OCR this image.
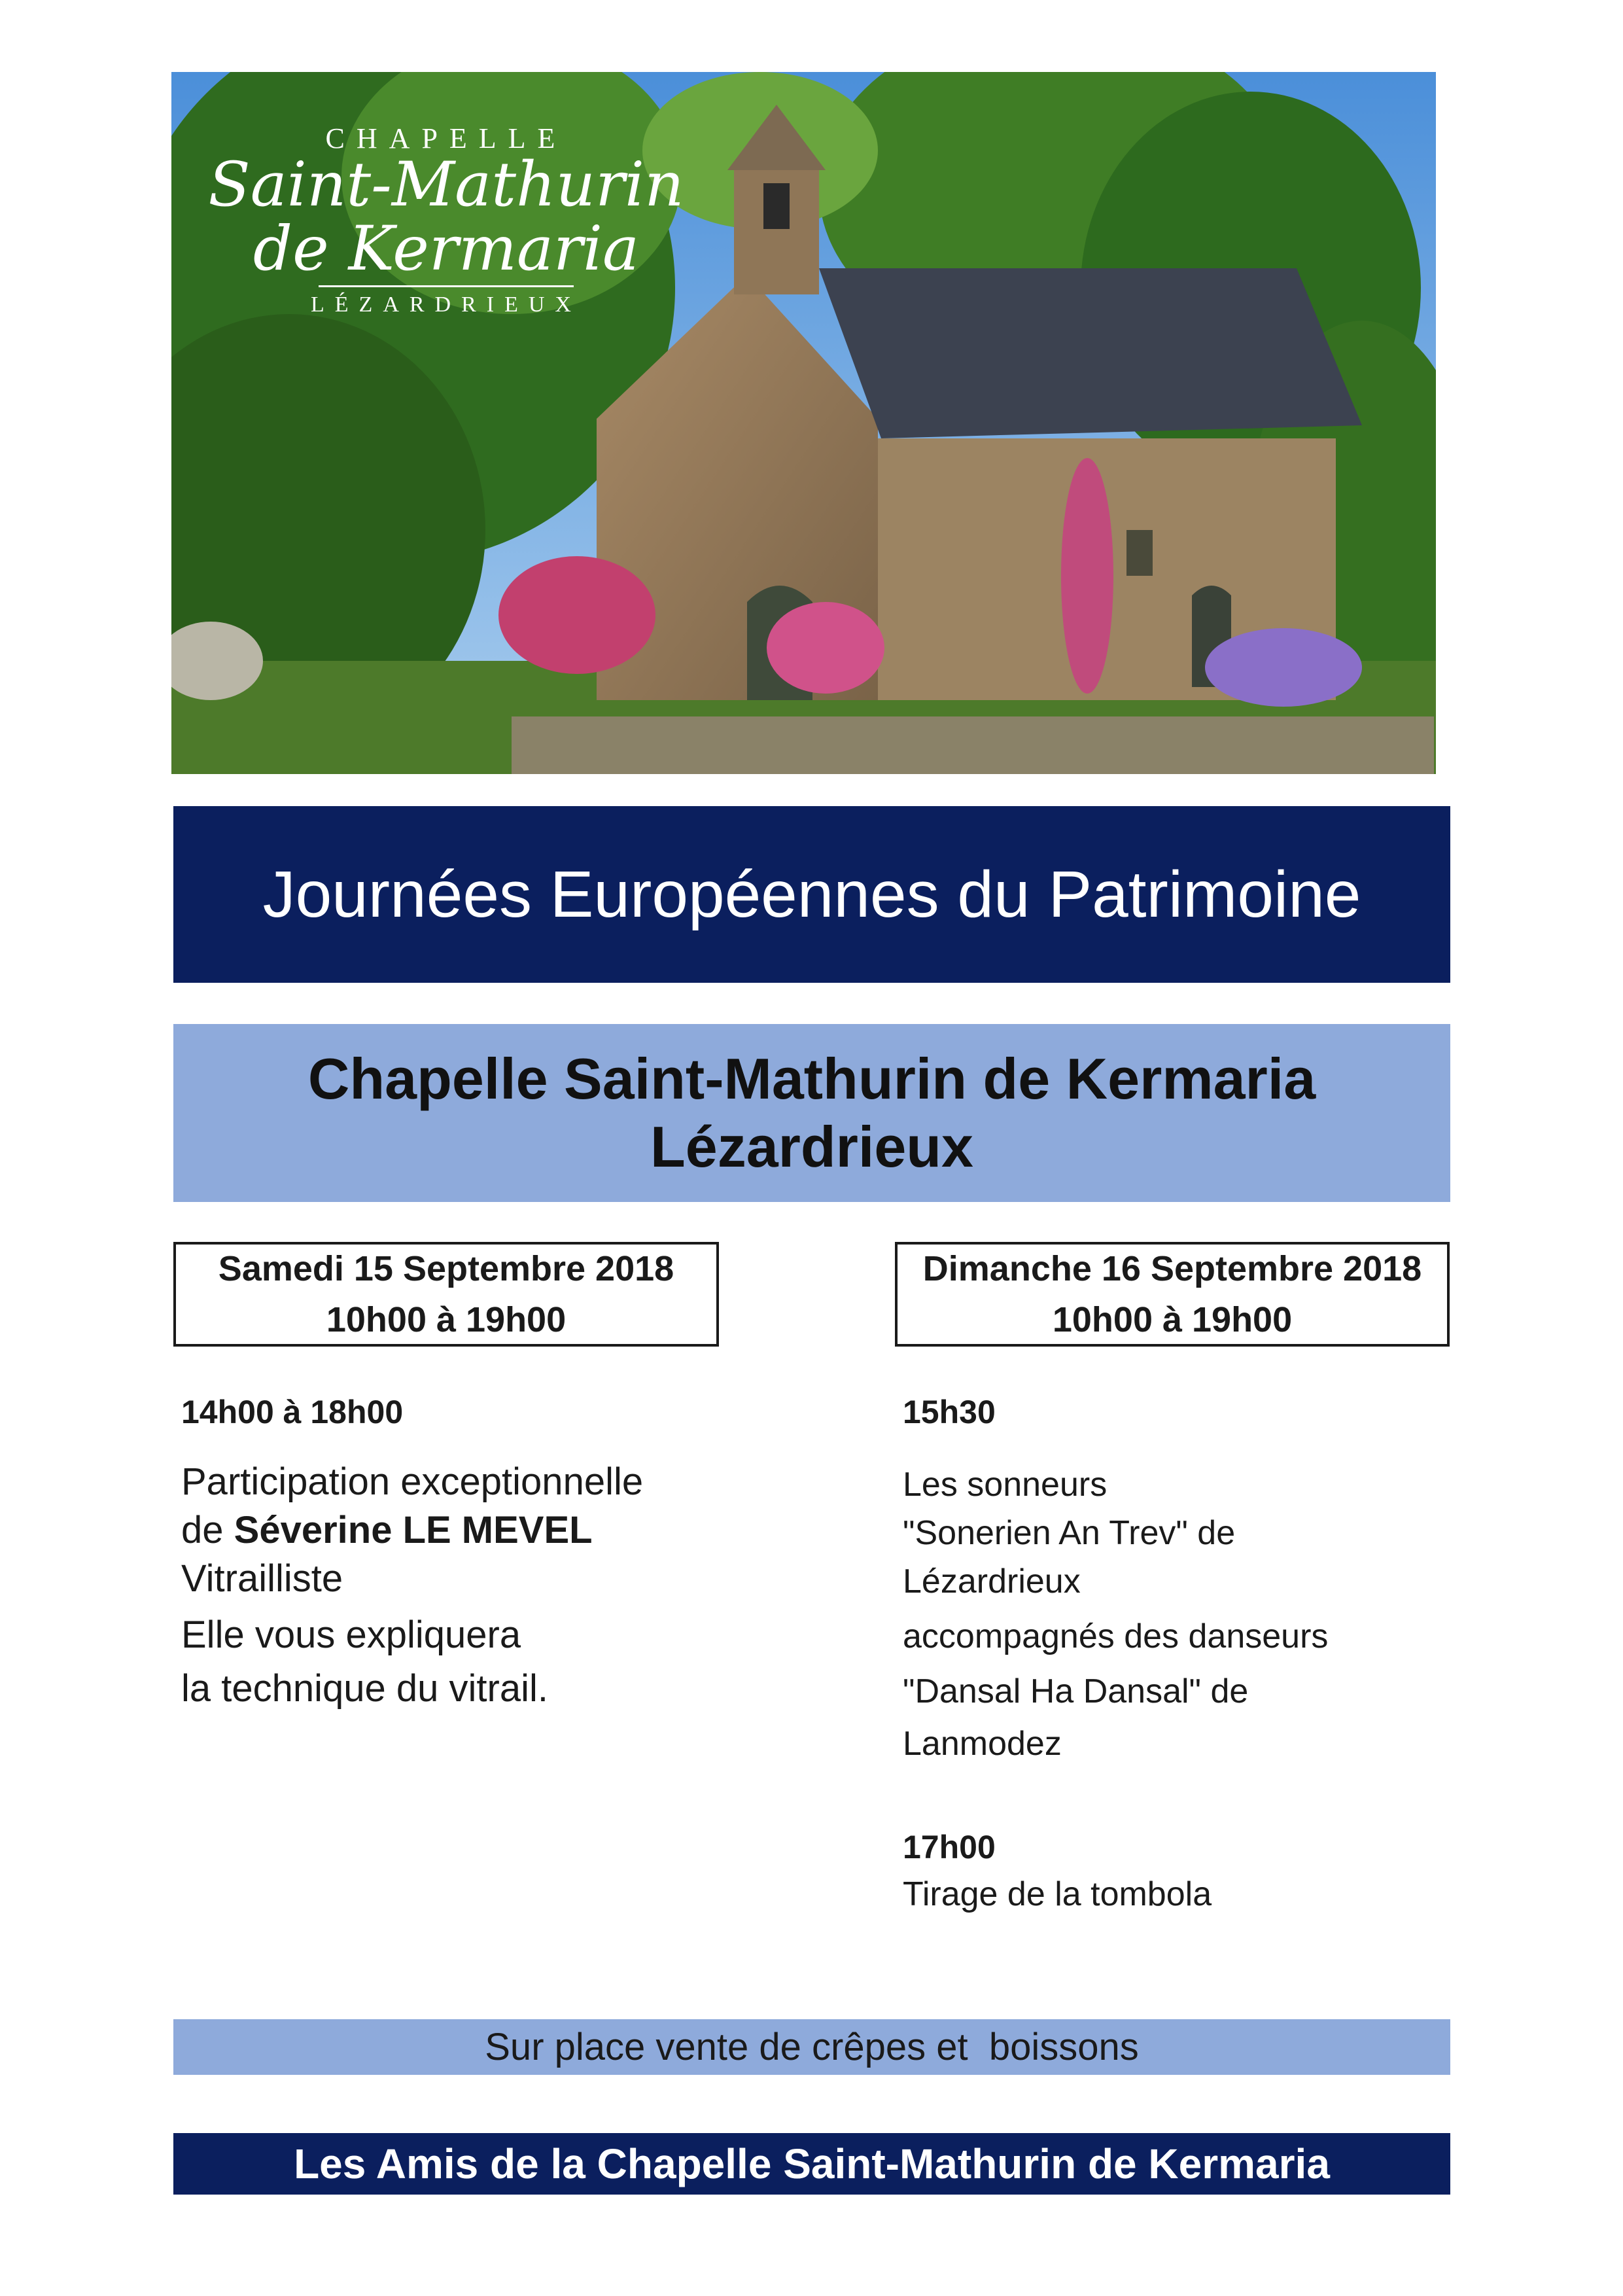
CHAPELLE
Saint-Mathurin
de Kermaria
LÉZARDRIEUX
Journées Européennes du Patrimoine
Chapelle Saint-Mathurin de Kermaria
Lézardrieux
Samedi 15 Septembre 2018
10h00 à 19h00
14h00 à 18h00
Participation exceptionnelle
de Séverine LE MEVEL
Vitrailliste
Elle vous expliquera
la technique du vitrail.
Dimanche 16 Septembre 2018
10h00 à 19h00
15h30
Les sonneurs
"Sonerien An Trev" de
Lézardrieux
accompagnés des danseurs
"Dansal Ha Dansal" de
Lanmodez
17h00
Tirage de la tombola
Sur place vente de crêpes et  boissons
Les Amis de la Chapelle Saint-Mathurin de Kermaria
